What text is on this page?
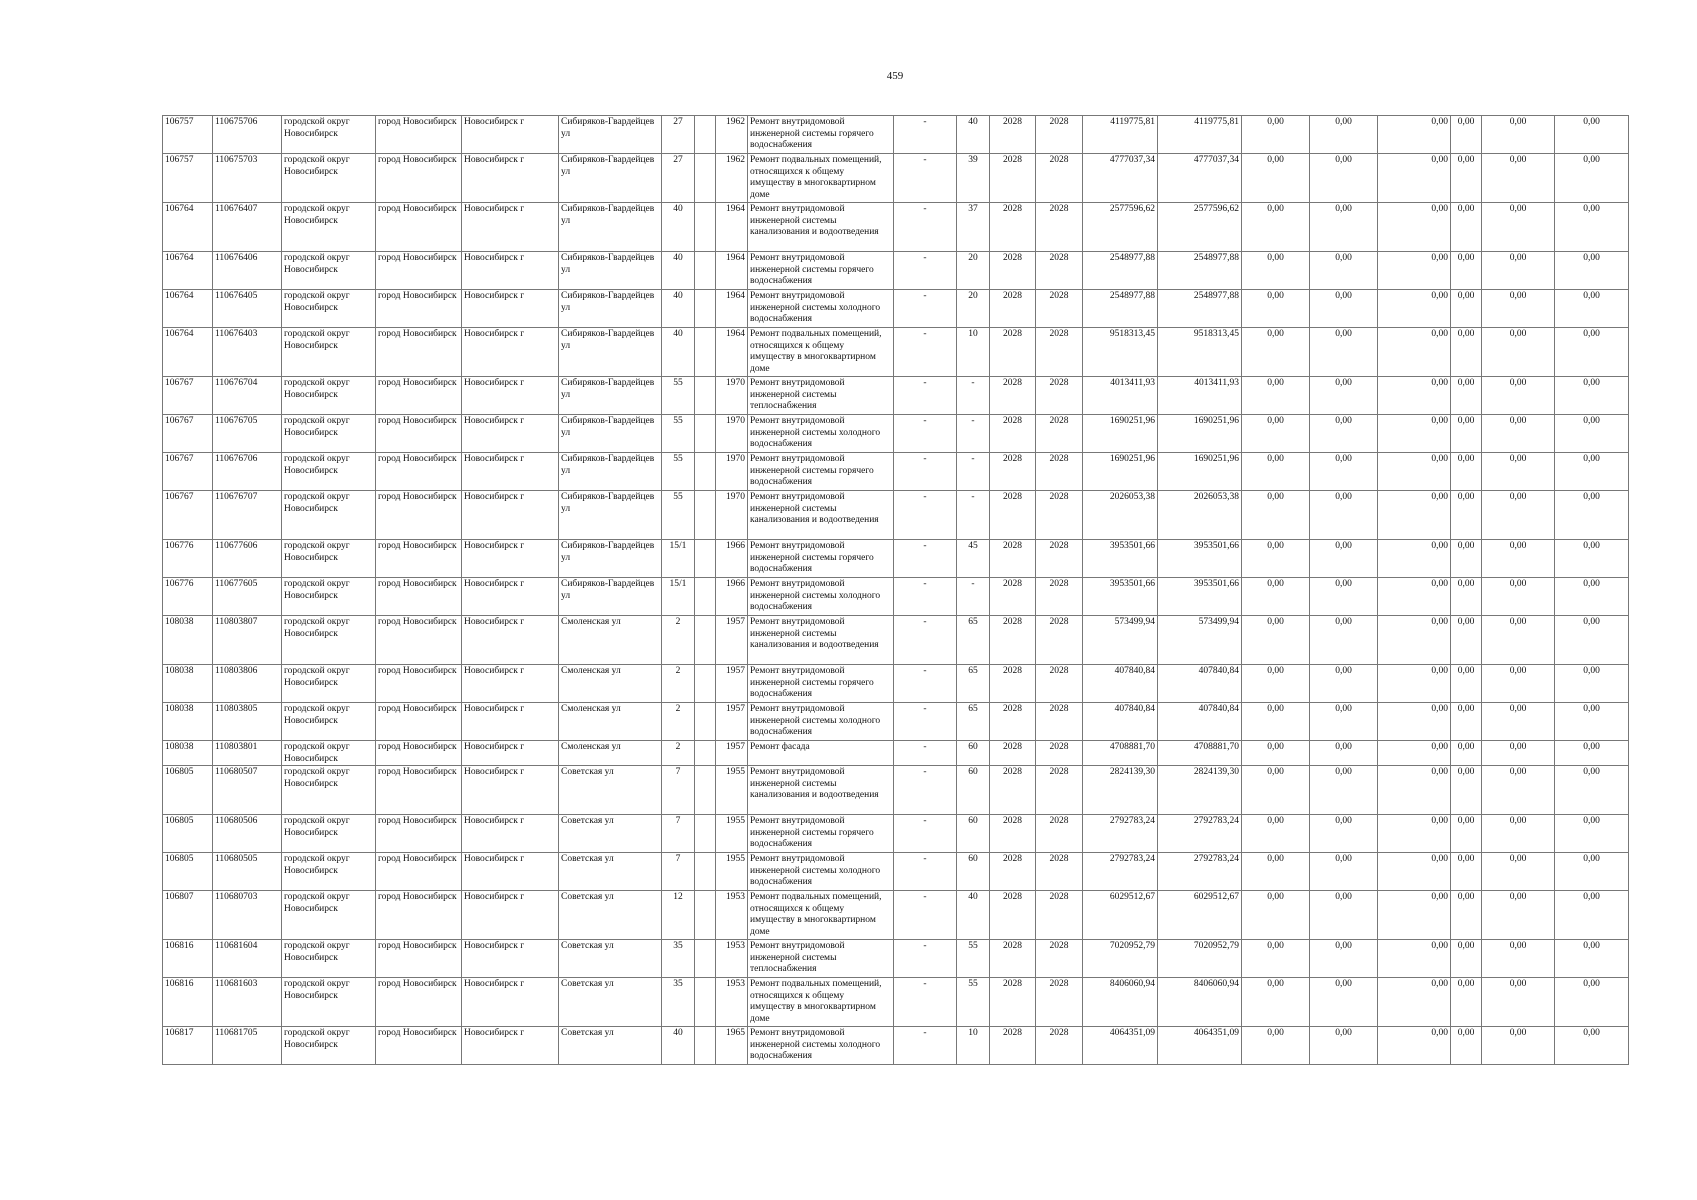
459
106757	110675706	городской округ Новосибирск	город Новосибирск	Новосибирск г	Сибиряков-Гвардейцев ул	27		1962	Ремонт внутридомовой инженерной системы горячего водоснабжения	-	40	2028	2028	4119775,81	4119775,81	0,00	0,00	0,00	0,00	0,00	0,00
106757	110675703	городской округ Новосибирск	город Новосибирск	Новосибирск г	Сибиряков-Гвардейцев ул	27		1962	Ремонт подвальных помещений, относящихся к общему имуществу в многоквартирном доме	-	39	2028	2028	4777037,34	4777037,34	0,00	0,00	0,00	0,00	0,00	0,00
106764	110676407	городской округ Новосибирск	город Новосибирск	Новосибирск г	Сибиряков-Гвардейцев ул	40		1964	Ремонт внутридомовой инженерной системы канализования и водоотведения	-	37	2028	2028	2577596,62	2577596,62	0,00	0,00	0,00	0,00	0,00	0,00
106764	110676406	городской округ Новосибирск	город Новосибирск	Новосибирск г	Сибиряков-Гвардейцев ул	40		1964	Ремонт внутридомовой инженерной системы горячего водоснабжения	-	20	2028	2028	2548977,88	2548977,88	0,00	0,00	0,00	0,00	0,00	0,00
106764	110676405	городской округ Новосибирск	город Новосибирск	Новосибирск г	Сибиряков-Гвардейцев ул	40		1964	Ремонт внутридомовой инженерной системы холодного водоснабжения	-	20	2028	2028	2548977,88	2548977,88	0,00	0,00	0,00	0,00	0,00	0,00
106764	110676403	городской округ Новосибирск	город Новосибирск	Новосибирск г	Сибиряков-Гвардейцев ул	40		1964	Ремонт подвальных помещений, относящихся к общему имуществу в многоквартирном доме	-	10	2028	2028	9518313,45	9518313,45	0,00	0,00	0,00	0,00	0,00	0,00
106767	110676704	городской округ Новосибирск	город Новосибирск	Новосибирск г	Сибиряков-Гвардейцев ул	55		1970	Ремонт внутридомовой инженерной системы теплоснабжения	-	-	2028	2028	4013411,93	4013411,93	0,00	0,00	0,00	0,00	0,00	0,00
106767	110676705	городской округ Новосибирск	город Новосибирск	Новосибирск г	Сибиряков-Гвардейцев ул	55		1970	Ремонт внутридомовой инженерной системы холодного водоснабжения	-	-	2028	2028	1690251,96	1690251,96	0,00	0,00	0,00	0,00	0,00	0,00
106767	110676706	городской округ Новосибирск	город Новосибирск	Новосибирск г	Сибиряков-Гвардейцев ул	55		1970	Ремонт внутридомовой инженерной системы горячего водоснабжения	-	-	2028	2028	1690251,96	1690251,96	0,00	0,00	0,00	0,00	0,00	0,00
106767	110676707	городской округ Новосибирск	город Новосибирск	Новосибирск г	Сибиряков-Гвардейцев ул	55		1970	Ремонт внутридомовой инженерной системы канализования и водоотведения	-	-	2028	2028	2026053,38	2026053,38	0,00	0,00	0,00	0,00	0,00	0,00
106776	110677606	городской округ Новосибирск	город Новосибирск	Новосибирск г	Сибиряков-Гвардейцев ул	15/1		1966	Ремонт внутридомовой инженерной системы горячего водоснабжения	-	45	2028	2028	3953501,66	3953501,66	0,00	0,00	0,00	0,00	0,00	0,00
106776	110677605	городской округ Новосибирск	город Новосибирск	Новосибирск г	Сибиряков-Гвардейцев ул	15/1		1966	Ремонт внутридомовой инженерной системы холодного водоснабжения	-	-	2028	2028	3953501,66	3953501,66	0,00	0,00	0,00	0,00	0,00	0,00
108038	110803807	городской округ Новосибирск	город Новосибирск	Новосибирск г	Смоленская ул	2		1957	Ремонт внутридомовой инженерной системы канализования и водоотведения	-	65	2028	2028	573499,94	573499,94	0,00	0,00	0,00	0,00	0,00	0,00
108038	110803806	городской округ Новосибирск	город Новосибирск	Новосибирск г	Смоленская ул	2		1957	Ремонт внутридомовой инженерной системы горячего водоснабжения	-	65	2028	2028	407840,84	407840,84	0,00	0,00	0,00	0,00	0,00	0,00
108038	110803805	городской округ Новосибирск	город Новосибирск	Новосибирск г	Смоленская ул	2		1957	Ремонт внутридомовой инженерной системы холодного водоснабжения	-	65	2028	2028	407840,84	407840,84	0,00	0,00	0,00	0,00	0,00	0,00
108038	110803801	городской округ Новосибирск	город Новосибирск	Новосибирск г	Смоленская ул	2		1957	Ремонт фасада	-	60	2028	2028	4708881,70	4708881,70	0,00	0,00	0,00	0,00	0,00	0,00
106805	110680507	городской округ Новосибирск	город Новосибирск	Новосибирск г	Советская ул	7		1955	Ремонт внутридомовой инженерной системы канализования и водоотведения	-	60	2028	2028	2824139,30	2824139,30	0,00	0,00	0,00	0,00	0,00	0,00
106805	110680506	городской округ Новосибирск	город Новосибирск	Новосибирск г	Советская ул	7		1955	Ремонт внутридомовой инженерной системы горячего водоснабжения	-	60	2028	2028	2792783,24	2792783,24	0,00	0,00	0,00	0,00	0,00	0,00
106805	110680505	городской округ Новосибирск	город Новосибирск	Новосибирск г	Советская ул	7		1955	Ремонт внутридомовой инженерной системы холодного водоснабжения	-	60	2028	2028	2792783,24	2792783,24	0,00	0,00	0,00	0,00	0,00	0,00
106807	110680703	городской округ Новосибирск	город Новосибирск	Новосибирск г	Советская ул	12		1953	Ремонт подвальных помещений, относящихся к общему имуществу в многоквартирном доме	-	40	2028	2028	6029512,67	6029512,67	0,00	0,00	0,00	0,00	0,00	0,00
106816	110681604	городской округ Новосибирск	город Новосибирск	Новосибирск г	Советская ул	35		1953	Ремонт внутридомовой инженерной системы теплоснабжения	-	55	2028	2028	7020952,79	7020952,79	0,00	0,00	0,00	0,00	0,00	0,00
106816	110681603	городской округ Новосибирск	город Новосибирск	Новосибирск г	Советская ул	35		1953	Ремонт подвальных помещений, относящихся к общему имуществу в многоквартирном доме	-	55	2028	2028	8406060,94	8406060,94	0,00	0,00	0,00	0,00	0,00	0,00
106817	110681705	городской округ Новосибирск	город Новосибирск	Новосибирск г	Советская ул	40		1965	Ремонт внутридомовой инженерной системы холодного водоснабжения	-	10	2028	2028	4064351,09	4064351,09	0,00	0,00	0,00	0,00	0,00	0,00
